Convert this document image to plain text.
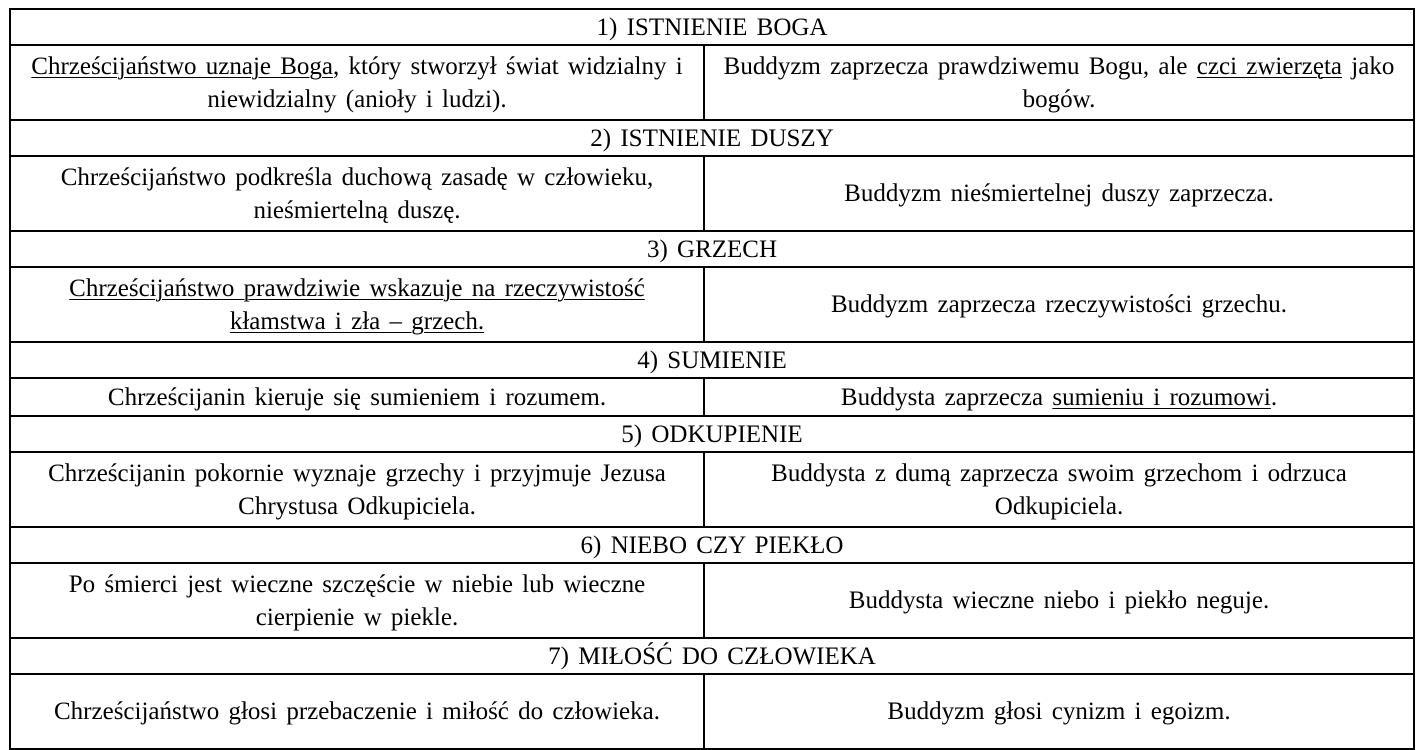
1) ISTNIENIE BOGA	
Chrześcijaństwo uznaje Boga, który stworzył świat widzialny i niewidzialny (anioły i ludzi).	Buddyzm zaprzecza prawdziwemu Bogu, ale czci zwierzęta jako bogów.
2) ISTNIENIE DUSZY	
Chrześcijaństwo podkreśla duchową zasadę w człowieku, nieśmiertelną duszę.	Buddyzm nieśmiertelnej duszy zaprzecza.
3) GRZECH	
Chrześcijaństwo prawdziwie wskazuje na rzeczywistość kłamstwa i zła – grzech.	Buddyzm zaprzecza rzeczywistości grzechu.
4) SUMIENIE	
Chrześcijanin kieruje się sumieniem i rozumem.	Buddysta zaprzecza sumieniu i rozumowi.
5) ODKUPIENIE	
Chrześcijanin pokornie wyznaje grzechy i przyjmuje Jezusa Chrystusa Odkupiciela.	Buddysta z dumą zaprzecza swoim grzechom i odrzuca Odkupiciela.
6) NIEBO CZY PIEKŁO	
Po śmierci jest wieczne szczęście w niebie lub wieczne cierpienie w piekle.	Buddysta wieczne niebo i piekło neguje.
7) MIŁOŚĆ DO CZŁOWIEKA	
Chrześcijaństwo głosi przebaczenie i miłość do człowieka.	Buddyzm głosi cynizm i egoizm.
